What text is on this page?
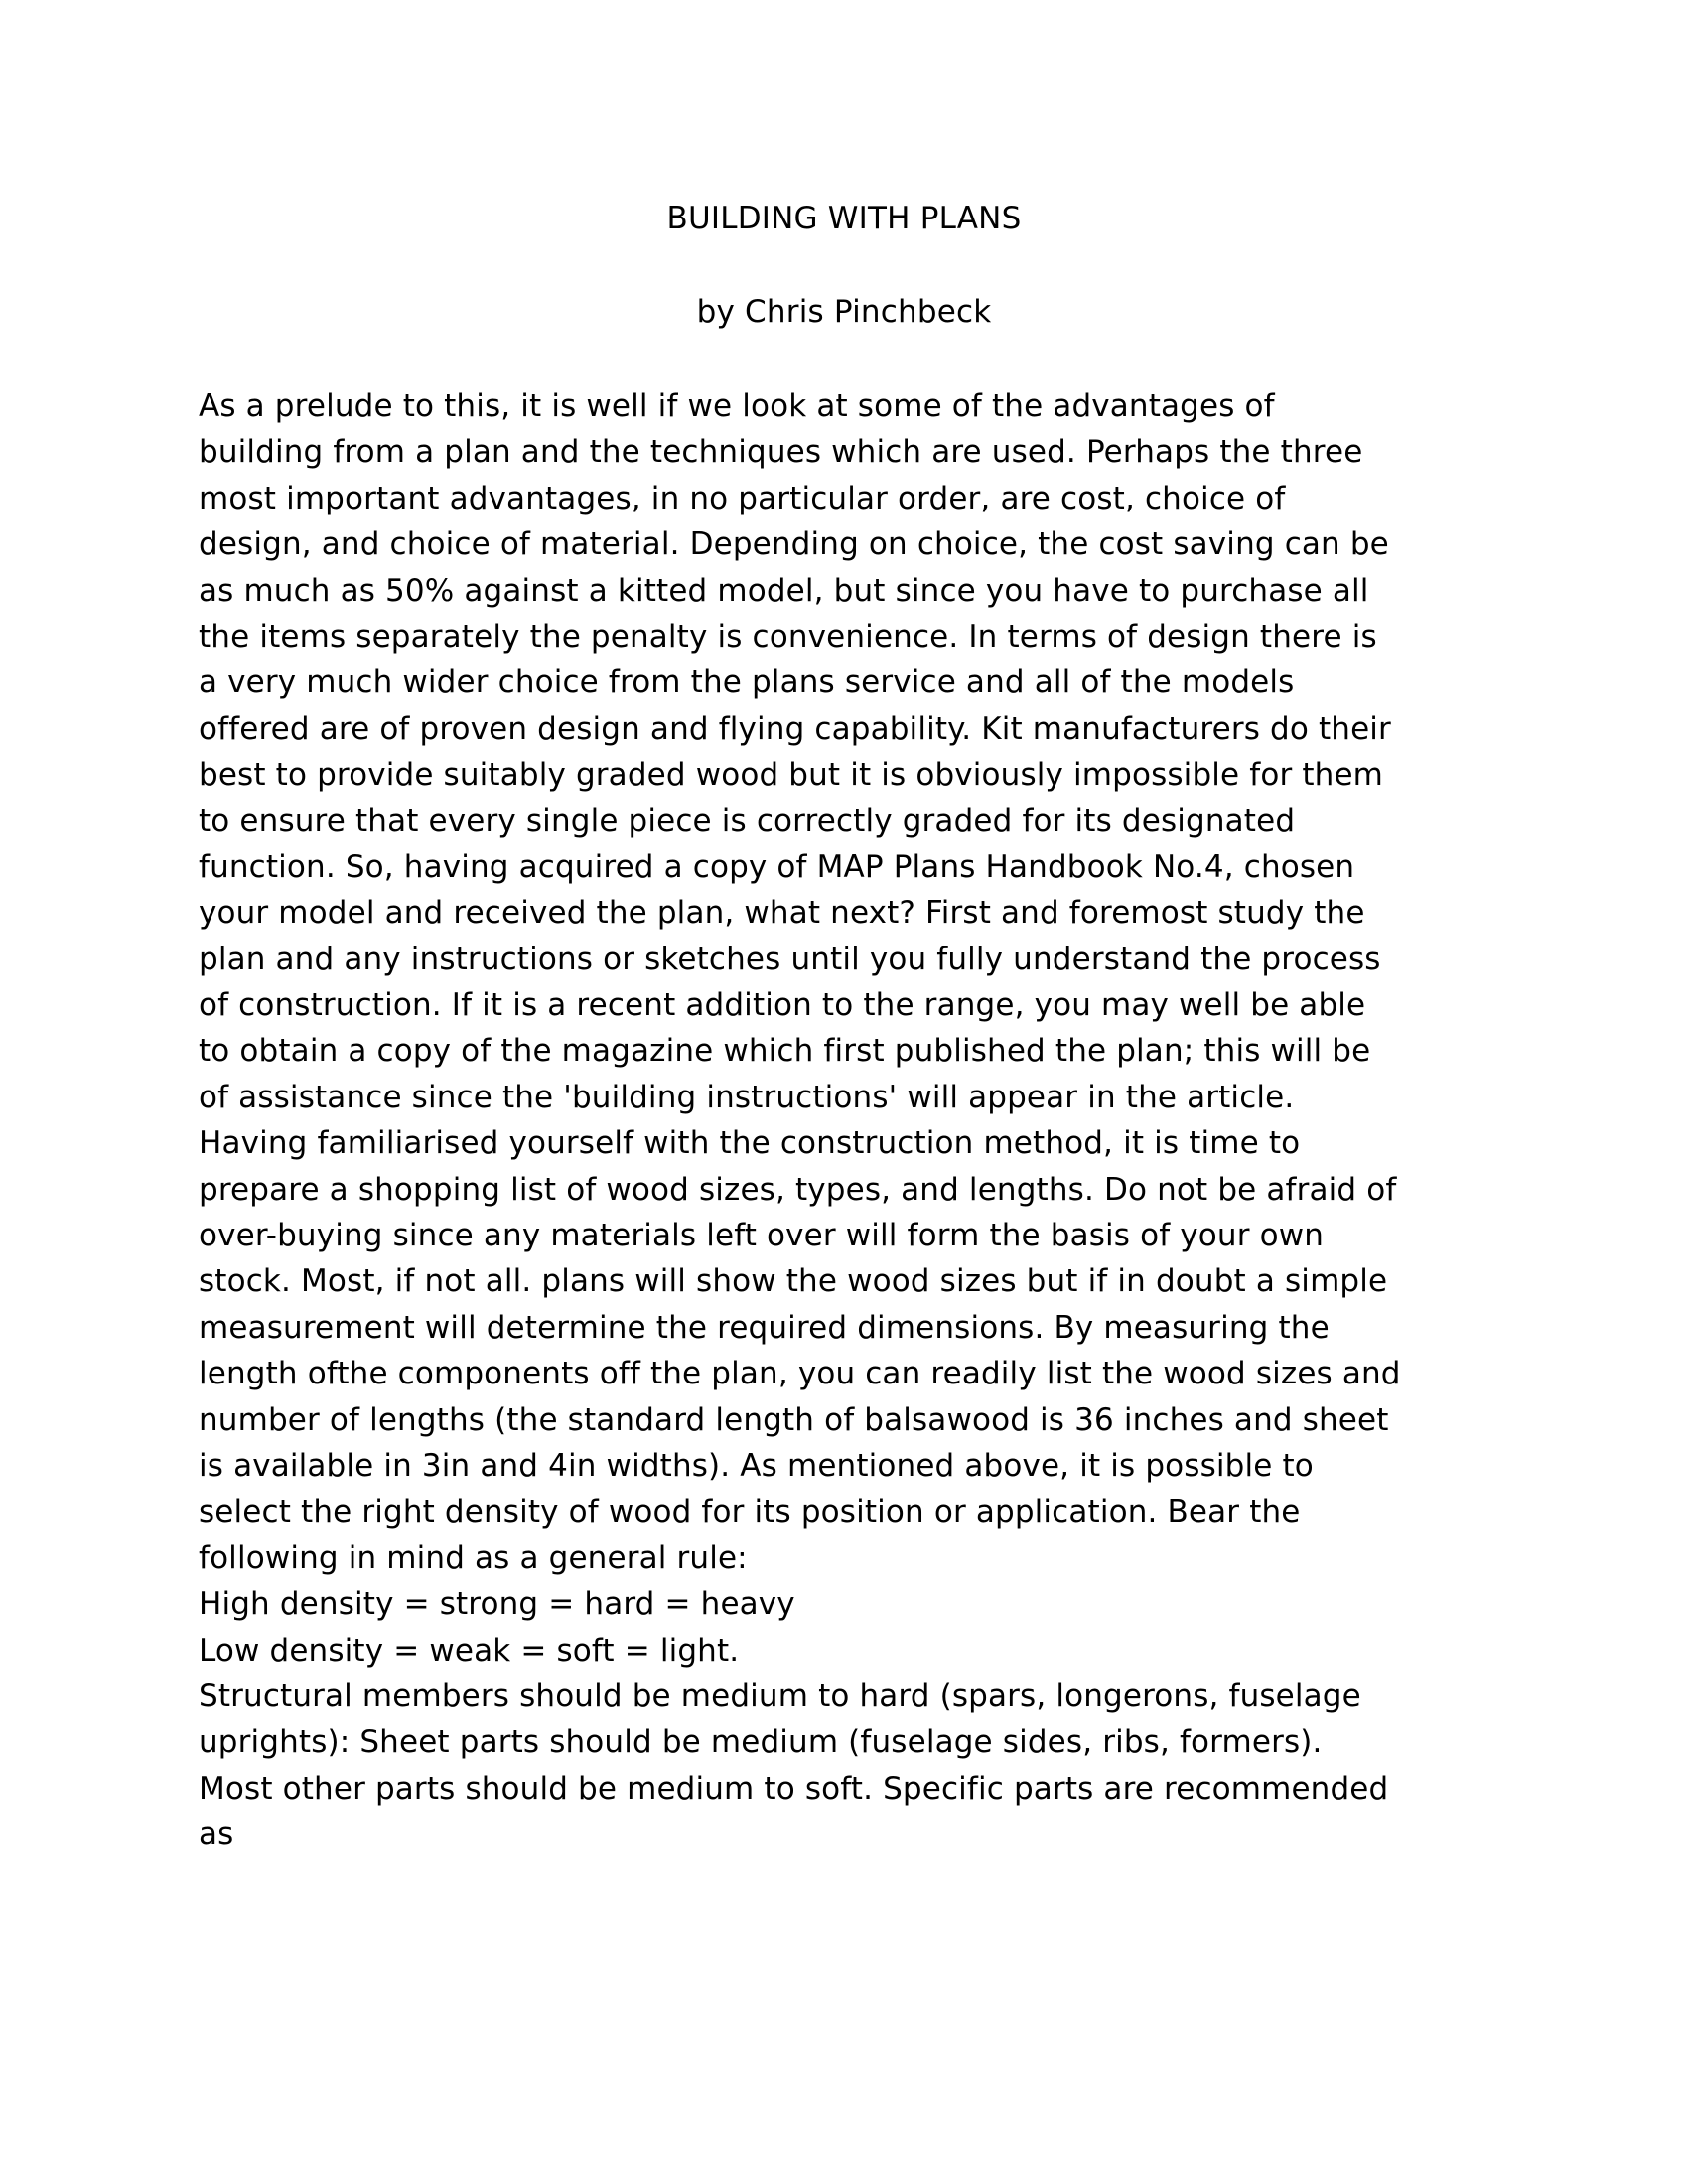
BUILDING WITH PLANS
by Chris Pinchbeck
As a prelude to this, it is well if we look at some of the advantages of
building from a plan and the techniques which are used. Perhaps the three
most important advantages, in no particular order, are cost, choice of
design, and choice of material. Depending on choice, the cost saving can be
as much as 50% against a kitted model, but since you have to purchase all
the items separately the penalty is convenience. In terms of design there is
a very much wider choice from the plans service and all of the models
offered are of proven design and flying capability. Kit manufacturers do their
best to provide suitably graded wood but it is obviously impossible for them
to ensure that every single piece is correctly graded for its designated
function. So, having acquired a copy of MAP Plans Handbook No.4, chosen
your model and received the plan, what next? First and foremost study the
plan and any instructions or sketches until you fully understand the process
of construction. If it is a recent addition to the range, you may well be able
to obtain a copy of the magazine which first published the plan; this will be
of assistance since the 'building instructions' will appear in the article.
Having familiarised yourself with the construction method, it is time to
prepare a shopping list of wood sizes, types, and lengths. Do not be afraid of
over-buying since any materials left over will form the basis of your own
stock. Most, if not all. plans will show the wood sizes but if in doubt a simple
measurement will determine the required dimensions. By measuring the
length ofthe components off the plan, you can readily list the wood sizes and
number of lengths (the standard length of balsawood is 36 inches and sheet
is available in 3in and 4in widths). As mentioned above, it is possible to
select the right density of wood for its position or application. Bear the
following in mind as a general rule:
High density = strong = hard = heavy
Low density = weak = soft = light.
Structural members should be medium to hard (spars, longerons, fuselage
uprights): Sheet parts should be medium (fuselage sides, ribs, formers).
Most other parts should be medium to soft. Specific parts are recommended
as
